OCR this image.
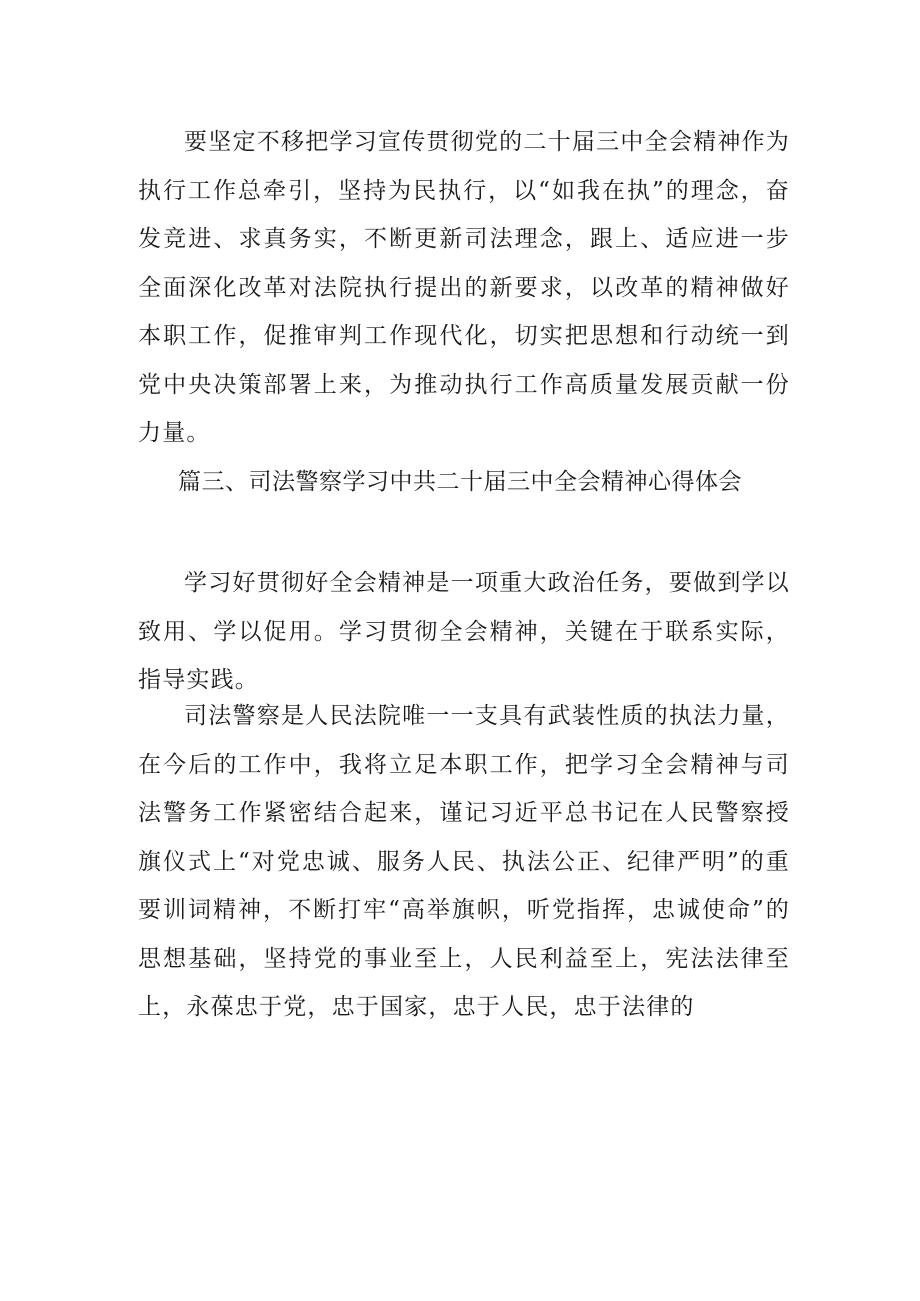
要坚定不移把学习宣传贯彻党的二十届三中全会精神作为执行工作总牵引，坚持为民执行，以“如我在执”的理念，奋发竞进、求真务实，不断更新司法理念，跟上、适应进一步全面深化改革对法院执行提出的新要求，以改革的精神做好本职工作，促推审判工作现代化，切实把思想和行动统一到党中央决策部署上来，为推动执行工作高质量发展贡献一份力量。

篇三、司法警察学习中共二十届三中全会精神心得体会

学习好贯彻好全会精神是一项重大政治任务，要做到学以致用、学以促用。学习贯彻全会精神，关键在于联系实际，指导实践。

司法警察是人民法院唯一一支具有武装性质的执法力量，在今后的工作中，我将立足本职工作，把学习全会精神与司法警务工作紧密结合起来，谨记习近平总书记在人民警察授旗仪式上“对党忠诚、服务人民、执法公正、纪律严明”的重要训词精神，不断打牢“高举旗帜，听党指挥，忠诚使命”的思想基础，坚持党的事业至上，人民利益至上，宪法法律至上，永葆忠于党，忠于国家，忠于人民，忠于法律的
